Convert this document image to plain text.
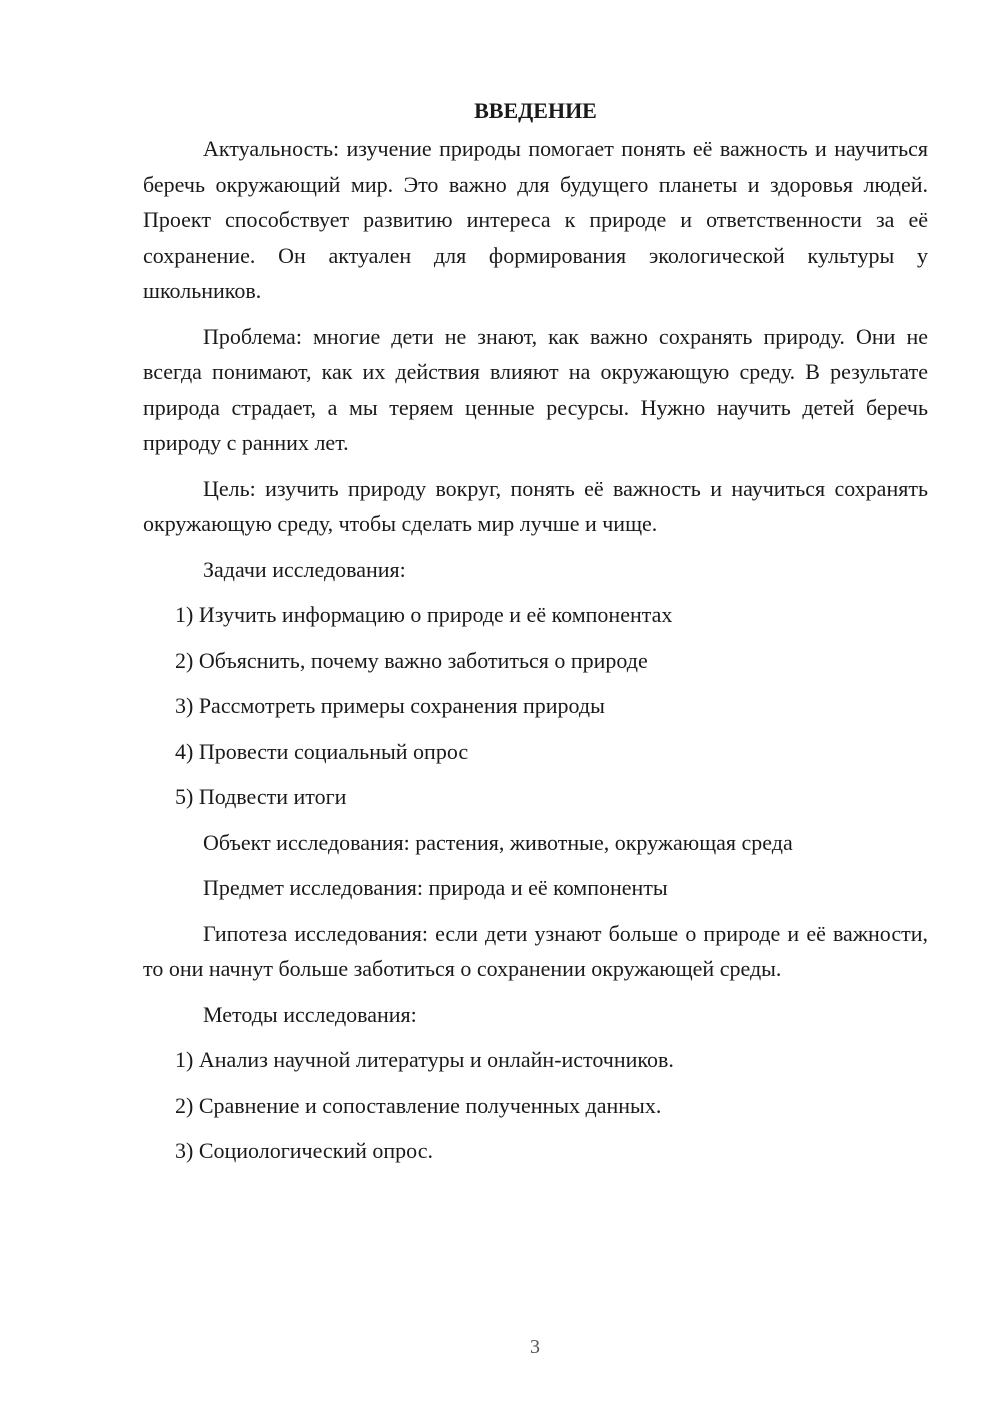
ВВЕДЕНИЕ

Актуальность: изучение природы помогает понять её важность и научиться беречь окружающий мир. Это важно для будущего планеты и здоровья людей. Проект способствует развитию интереса к природе и ответственности за её сохранение. Он актуален для формирования экологической культуры у школьников.

Проблема: многие дети не знают, как важно сохранять природу. Они не всегда понимают, как их действия влияют на окружающую среду. В результате природа страдает, а мы теряем ценные ресурсы. Нужно научить детей беречь природу с ранних лет.

Цель: изучить природу вокруг, понять её важность и научиться сохранять окружающую среду, чтобы сделать мир лучше и чище.

Задачи исследования:
1) Изучить информацию о природе и её компонентах
2) Объяснить, почему важно заботиться о природе
3) Рассмотреть примеры сохранения природы
4) Провести социальный опрос
5) Подвести итоги
Объект исследования: растения, животные, окружающая среда
Предмет исследования: природа и её компоненты

Гипотеза исследования: если дети узнают больше о природе и её важности, то они начнут больше заботиться о сохранении окружающей среды.

Методы исследования:
1) Анализ научной литературы и онлайн-источников.
2) Сравнение и сопоставление полученных данных.
3) Социологический опрос.
3
